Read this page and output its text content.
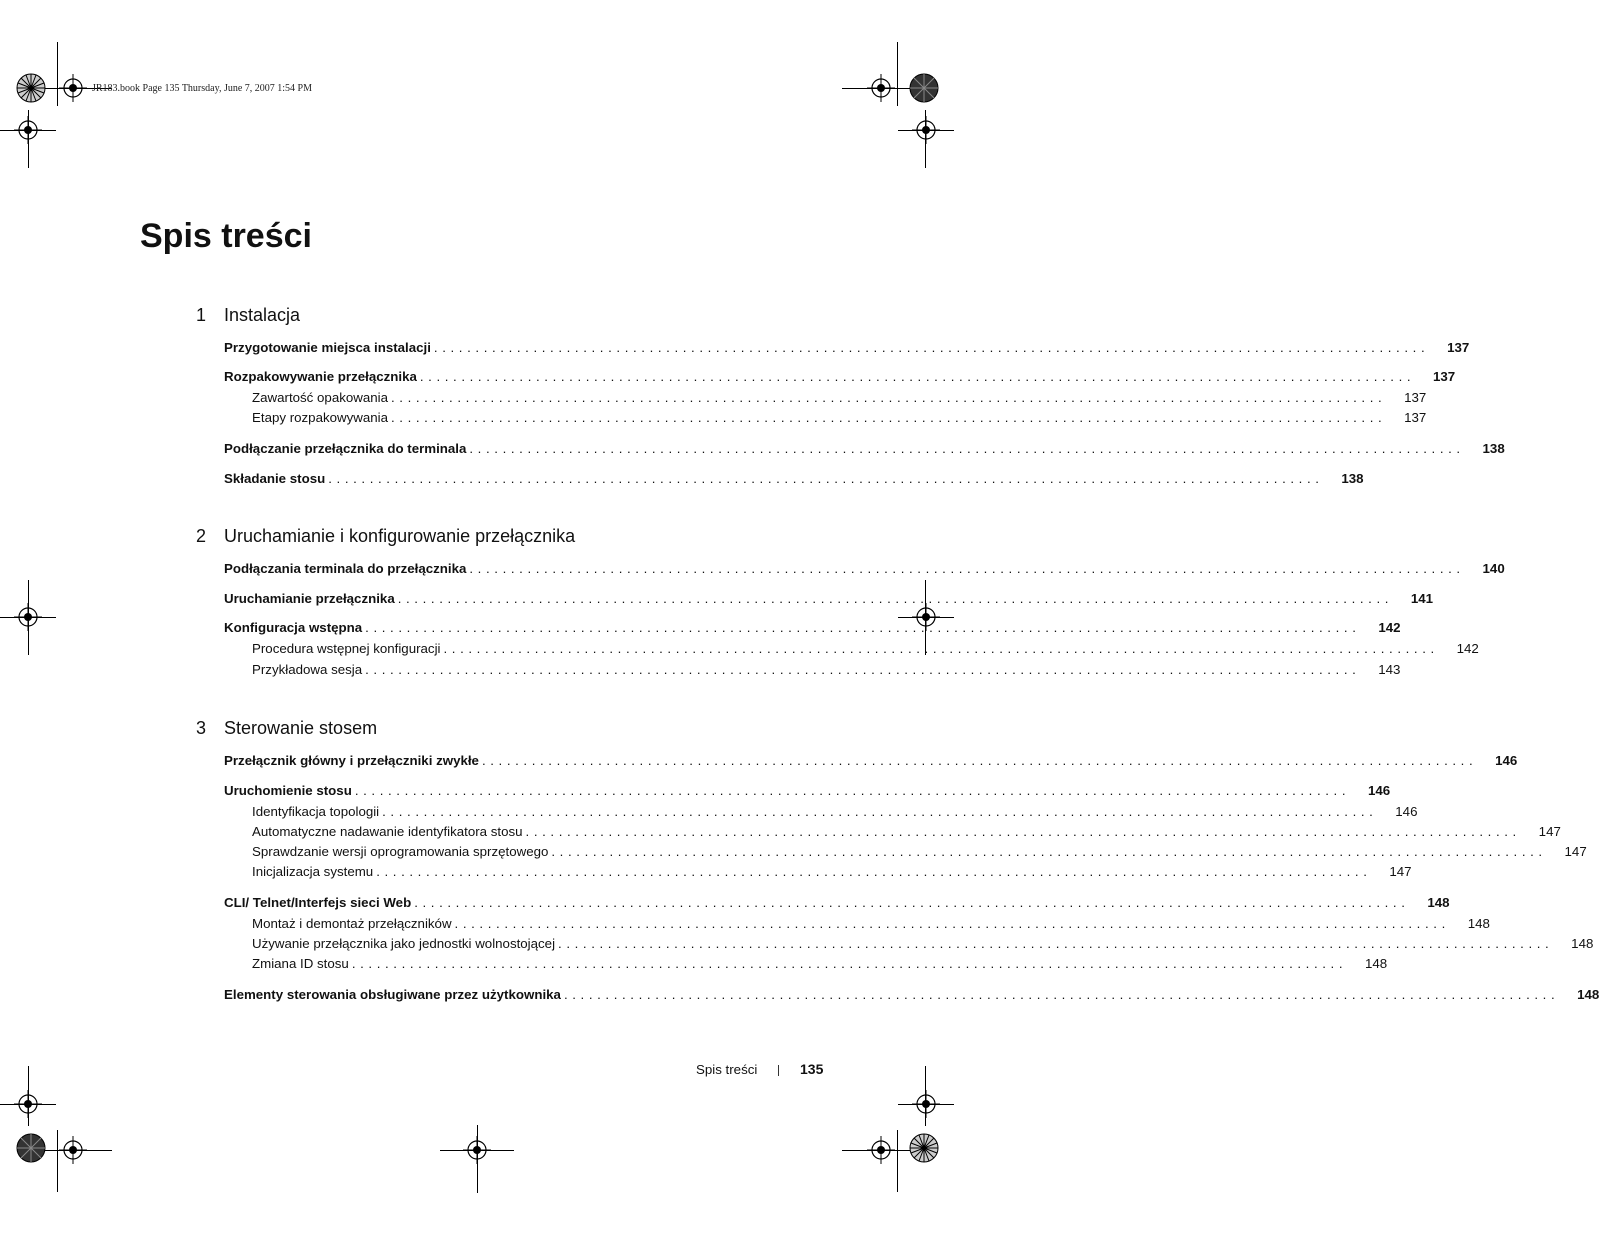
JR183.book Page 135 Thursday, June 7, 2007 1:54 PM
Spis treści
1 Instalacja
Przygotowanie miejsca instalacji ........................................................................................................................	137
Rozpakowywanie przełącznika ........................................................................................................................	137
Zawartość opakowania ........................................................................................................................	137
Etapy rozpakowywania ........................................................................................................................	137
Podłączanie przełącznika do terminala ........................................................................................................................	138
Składanie stosu ........................................................................................................................	138
2 Uruchamianie i konfigurowanie przełącznika
Podłączania terminala do przełącznika ........................................................................................................................	140
Uruchamianie przełącznika ........................................................................................................................	141
Konfiguracja wstępna ........................................................................................................................	142
Procedura wstępnej konfiguracji ........................................................................................................................	142
Przykładowa sesja ........................................................................................................................	143
3 Sterowanie stosem
Przełącznik główny i przełączniki zwykłe ........................................................................................................................	146
Uruchomienie stosu ........................................................................................................................	146
Identyfikacja topologii ........................................................................................................................	146
Automatyczne nadawanie identyfikatora stosu ........................................................................................................................	147
Sprawdzanie wersji oprogramowania sprzętowego ........................................................................................................................	147
Inicjalizacja systemu ........................................................................................................................	147
CLI/ Telnet/Interfejs sieci Web ........................................................................................................................	148
Montaż i demontaż przełączników ........................................................................................................................	148
Używanie przełącznika jako jednostki wolnostojącej ........................................................................................................................	148
Zmiana ID stosu ........................................................................................................................	148
Elementy sterowania obsługiwane przez użytkownika ........................................................................................................................	148
Spis treści	135
